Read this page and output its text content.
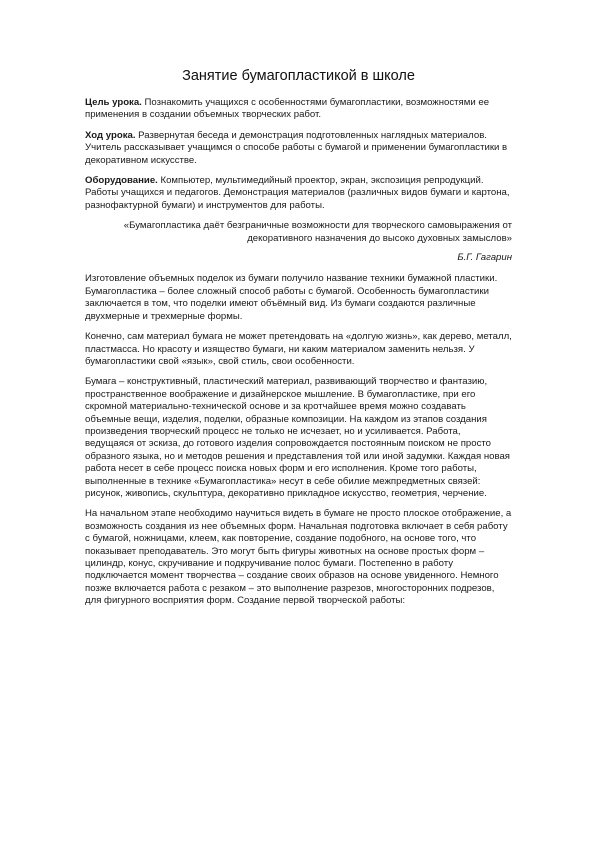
Занятие бумагопластикой в школе

Цель урока. Познакомить учащихся с особенностями бумагопластики, возможностями ее применения в создании объемных творческих работ.

Ход урока. Развернутая беседа и демонстрация подготовленных наглядных материалов. Учитель рассказывает учащимся о способе работы с бумагой и применении бумагопластики в декоративном искусстве.

Оборудование. Компьютер, мультимедийный проектор, экран, экспозиция репродукций. Работы учащихся и педагогов. Демонстрация материалов (различных видов бумаги и картона, разнофактурной бумаги) и инструментов для работы.

«Бумагопластика даёт безграничные возможности для творческого самовыражения от декоративного назначения до высоко духовных замыслов»

Б.Г. Гагарин

Изготовление объемных поделок из бумаги получило название техники бумажной пластики. Бумагопластика – более сложный способ работы с бумагой. Особенность бумагопластики заключается в том, что поделки имеют объёмный вид. Из бумаги создаются различные двухмерные и трехмерные формы.

Конечно, сам материал бумага не может претендовать на «долгую жизнь», как дерево, металл, пластмасса. Но красоту и изящество бумаги, ни каким материалом заменить нельзя. У бумагопластики свой «язык», свой стиль, свои особенности.

Бумага – конструктивный, пластический материал, развивающий творчество и фантазию, пространственное воображение и дизайнерское мышление. В бумагопластике, при его скромной материально-технической основе и за кротчайшее время можно создавать объемные вещи, изделия, поделки, образные композиции. На каждом из этапов создания произведения творческий процесс не только не исчезает, но и усиливается. Работа, ведущаяся от эскиза, до готового изделия сопровождается постоянным поиском не просто образного языка, но и методов решения и представления той или иной задумки. Каждая новая работа несет в себе процесс поиска новых форм и его исполнения. Кроме того работы, выполненные в технике «Бумагопластика» несут в себе обилие межпредметных связей: рисунок, живопись, скульптура, декоративно прикладное искусство, геометрия, черчение.

На начальном этапе необходимо научиться видеть в бумаге не просто плоское отображение, а возможность создания из нее объемных форм. Начальная подготовка включает в себя работу с бумагой, ножницами, клеем, как повторение, создание подобного, на основе того, что показывает преподаватель. Это могут быть фигуры животных на основе простых форм – цилиндр, конус, скручивание и подкручивание полос бумаги. Постепенно в работу подключается момент творчества – создание своих образов на основе увиденного. Немного позже включается работа с резаком – это выполнение разрезов, многосторонних подрезов, для фигурного восприятия форм. Создание первой творческой работы:
